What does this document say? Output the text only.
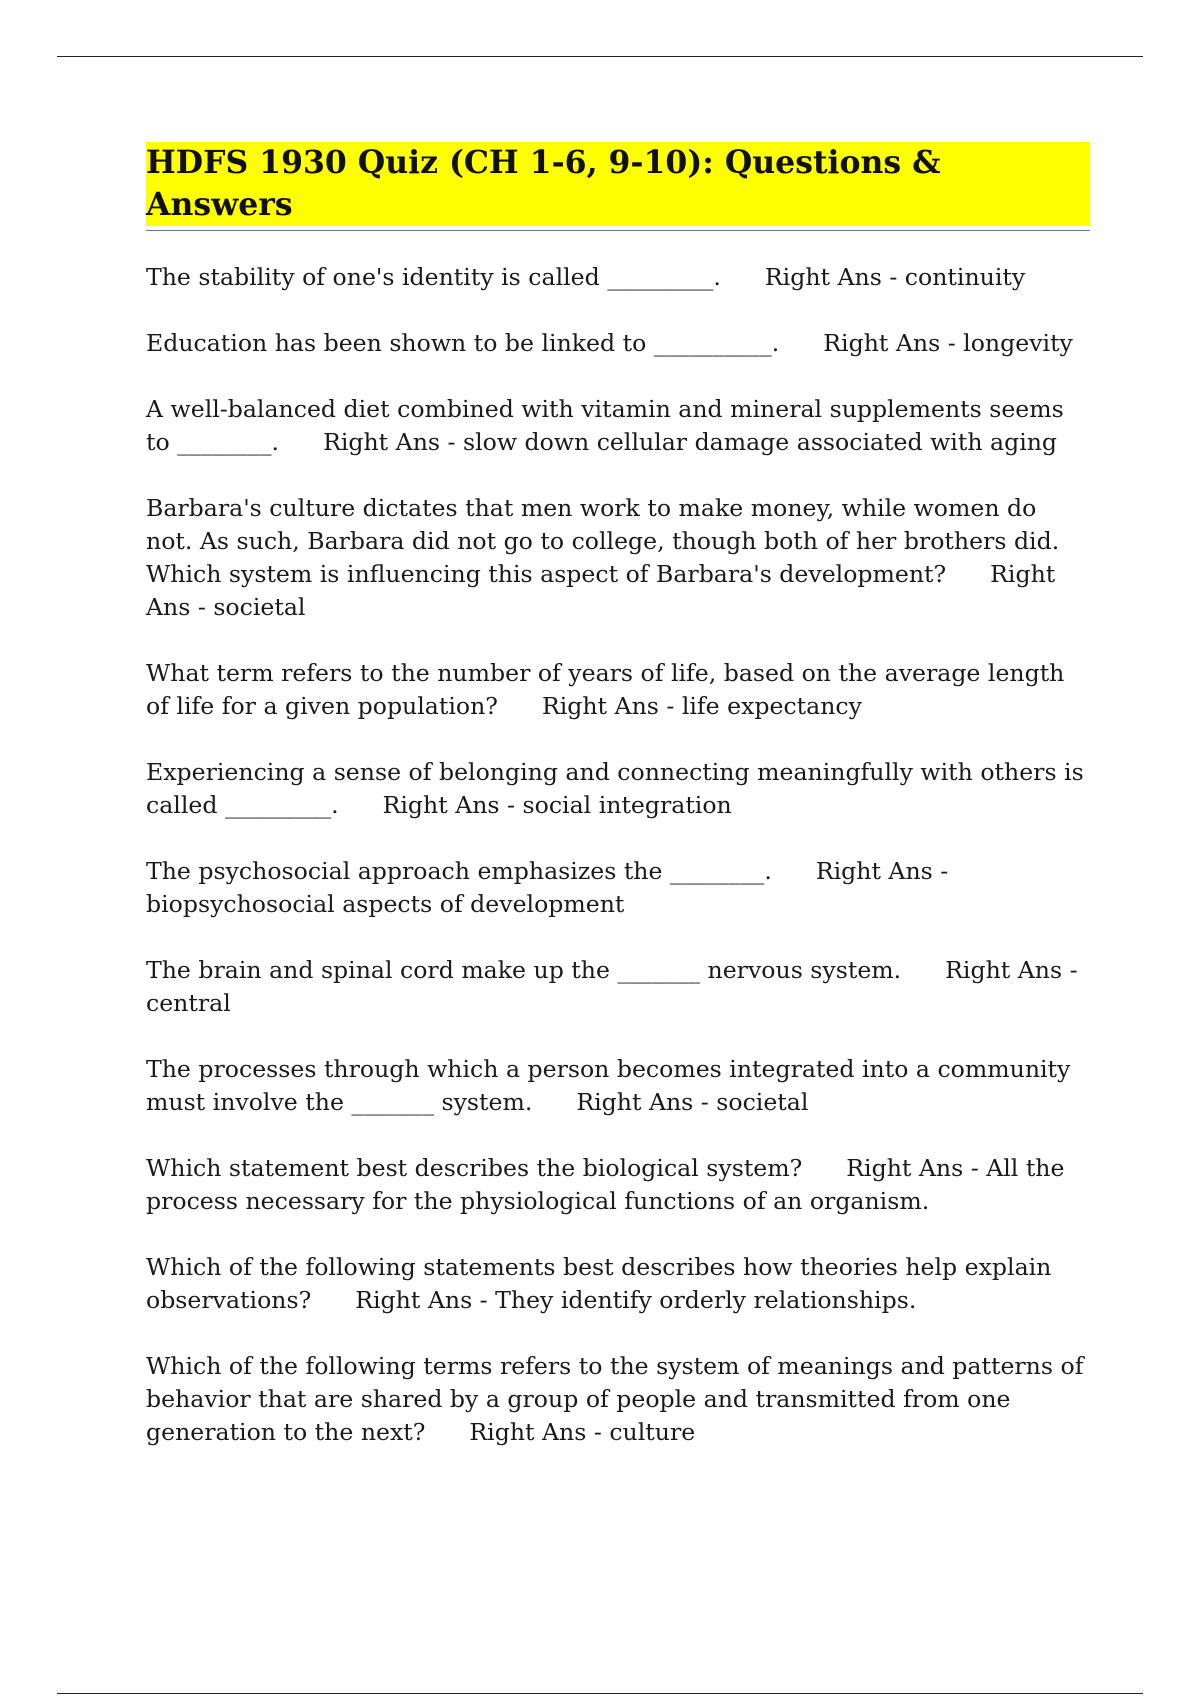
HDFS 1930 Quiz (CH 1-6, 9-10): Questions & Answers

The stability of one's identity is called _________. Right Ans - continuity

Education has been shown to be linked to __________. Right Ans - longevity

A well-balanced diet combined with vitamin and mineral supplements seems to ________. Right Ans - slow down cellular damage associated with aging

Barbara's culture dictates that men work to make money, while women do not. As such, Barbara did not go to college, though both of her brothers did. Which system is influencing this aspect of Barbara's development? Right Ans - societal

What term refers to the number of years of life, based on the average length of life for a given population? Right Ans - life expectancy

Experiencing a sense of belonging and connecting meaningfully with others is called _________. Right Ans - social integration

The psychosocial approach emphasizes the ________. Right Ans - biopsychosocial aspects of development

The brain and spinal cord make up the _______ nervous system. Right Ans - central

The processes through which a person becomes integrated into a community must involve the _______ system. Right Ans - societal

Which statement best describes the biological system? Right Ans - All the process necessary for the physiological functions of an organism.

Which of the following statements best describes how theories help explain observations? Right Ans - They identify orderly relationships.

Which of the following terms refers to the system of meanings and patterns of behavior that are shared by a group of people and transmitted from one generation to the next? Right Ans - culture
